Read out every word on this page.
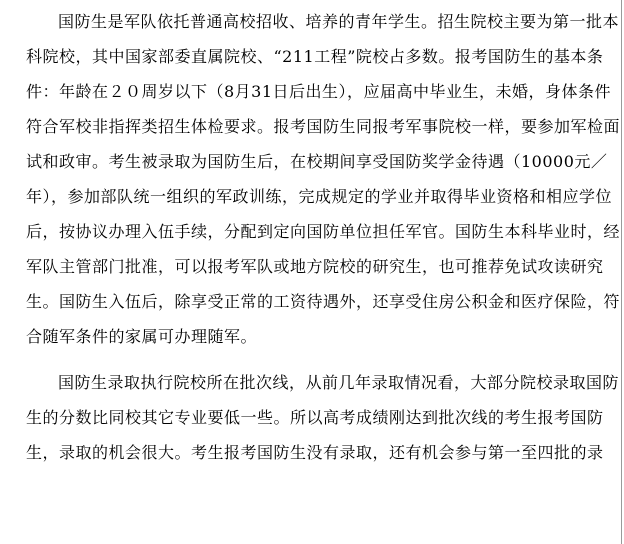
国防生是军队依托普通高校招收、培养的青年学生。招生院校主要为第一批本
科院校，其中国家部委直属院校、“211工程”院校占多数。报考国防生的基本条
件：年龄在２０周岁以下（8月31日后出生），应届高中毕业生，未婚，身体条件
符合军校非指挥类招生体检要求。报考国防生同报考军事院校一样，要参加军检面
试和政审。考生被录取为国防生后，在校期间享受国防奖学金待遇（10000元／
年），参加部队统一组织的军政训练，完成规定的学业并取得毕业资格和相应学位
后，按协议办理入伍手续，分配到定向国防单位担任军官。国防生本科毕业时，经
军队主管部门批准，可以报考军队或地方院校的研究生，也可推荐免试攻读研究
生。国防生入伍后，除享受正常的工资待遇外，还享受住房公积金和医疗保险，符
合随军条件的家属可办理随军。
国防生录取执行院校所在批次线，从前几年录取情况看，大部分院校录取国防
生的分数比同校其它专业要低一些。所以高考成绩刚达到批次线的考生报考国防
生，录取的机会很大。考生报考国防生没有录取，还有机会参与第一至四批的录
